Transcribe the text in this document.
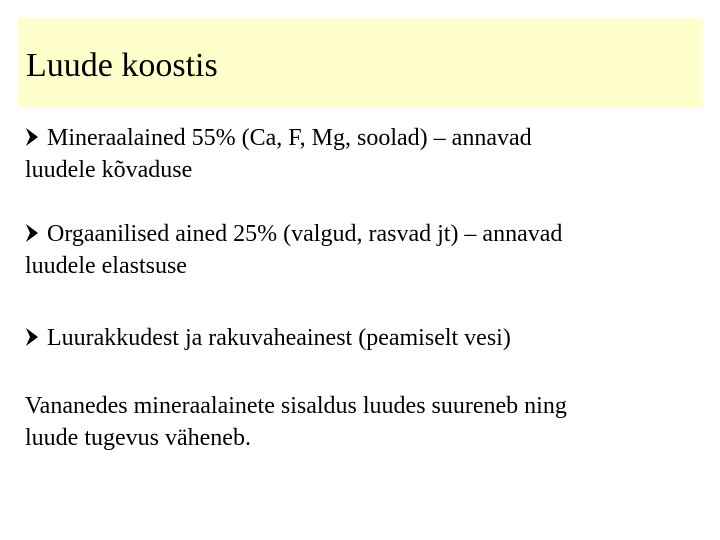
Luude koostis
Mineraalained 55% (Ca, F, Mg, soolad) – annavad
luudele kõvaduse
Orgaanilised ained 25% (valgud, rasvad jt) – annavad
luudele elastsuse
Luurakkudest ja rakuvaheainest (peamiselt vesi)
Vananedes mineraalainete sisaldus luudes suureneb ning
luude tugevus väheneb.
